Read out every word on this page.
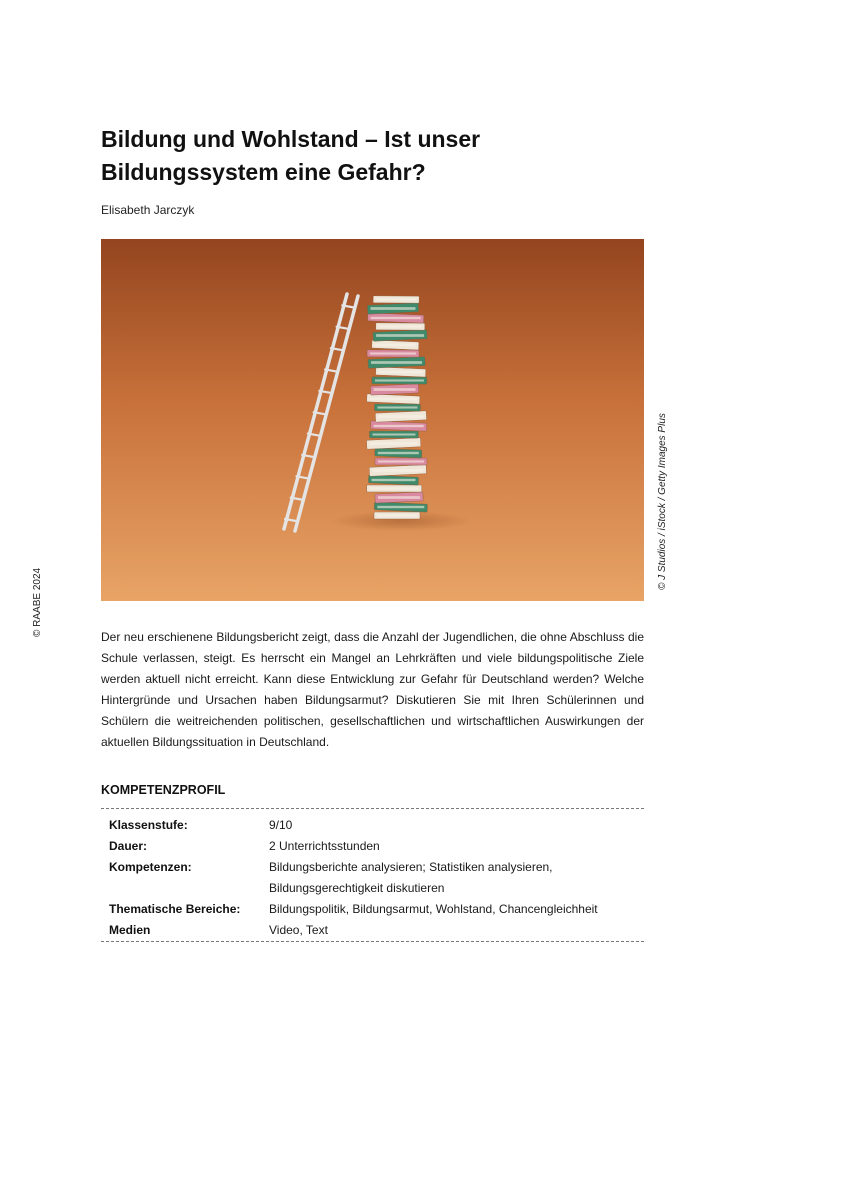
Bildung und Wohlstand – Ist unser
Bildungssystem eine Gefahr?
Elisabeth Jarczyk
© J Studios / iStock / Getty Images Plus
© RAABE 2024	Der neu erschienene Bildungsbericht zeigt, dass die Anzahl der Jugendlichen, die ohne Abschluss die Schule verlassen, steigt. Es herrscht ein Mangel an Lehrkräften und viele bildungspolitische Ziele werden aktuell nicht erreicht. Kann diese Entwicklung zur Gefahr für Deutschland werden? Welche Hintergründe und Ursachen haben Bildungsarmut? Diskutieren Sie mit Ihren Schülerinnen und Schülern die weitreichenden politischen, gesellschaftlichen und wirtschaftlichen Auswirkungen der aktuellen Bildungssituation in Deutschland.

KOMPETENZPROFIL
Klassenstufe:	9/10
Dauer:	2 Unterrichtsstunden
Kompetenzen:	Bildungsberichte analysieren; Statistiken analysieren,
Bildungsgerechtigkeit diskutieren
Thematische Bereiche:	Bildungspolitik, Bildungsarmut, Wohlstand, Chancengleichheit
Medien	Video, Text
